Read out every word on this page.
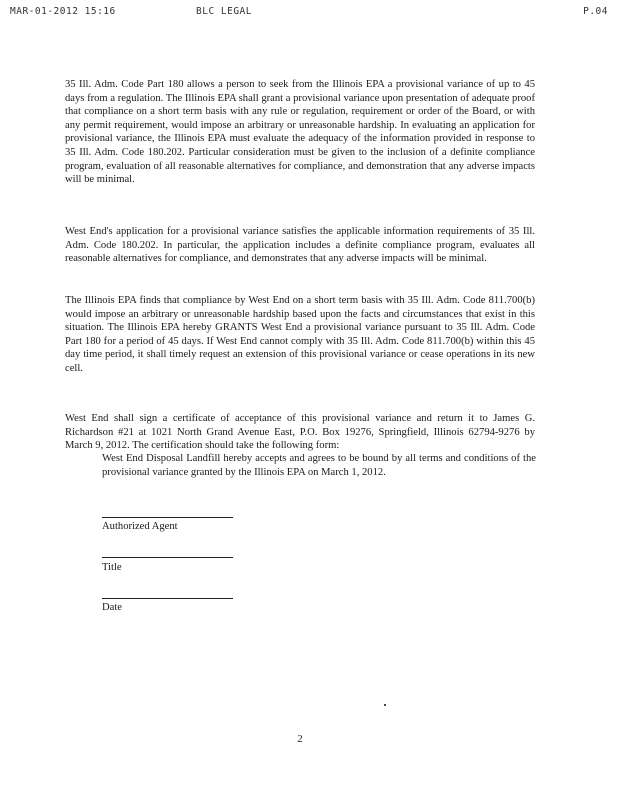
MAR-01-2012 15:16	BLC LEGAL	P.04

35 Ill. Adm. Code Part 180 allows a person to seek from the Illinois EPA a provisional variance of up to 45 days from a regulation. The Illinois EPA shall grant a provisional variance upon presentation of adequate proof that compliance on a short term basis with any rule or regulation, requirement or order of the Board, or with any permit requirement, would impose an arbitrary or unreasonable hardship. In evaluating an application for provisional variance, the Illinois EPA must evaluate the adequacy of the information provided in response to 35 Ill. Adm. Code 180.202. Particular consideration must be given to the inclusion of a definite compliance program, evaluation of all reasonable alternatives for compliance, and demonstration that any adverse impacts will be minimal.

West End's application for a provisional variance satisfies the applicable information requirements of 35 Ill. Adm. Code 180.202. In particular, the application includes a definite compliance program, evaluates all reasonable alternatives for compliance, and demonstrates that any adverse impacts will be minimal.

The Illinois EPA finds that compliance by West End on a short term basis with 35 Ill. Adm. Code 811.700(b) would impose an arbitrary or unreasonable hardship based upon the facts and circumstances that exist in this situation. The Illinois EPA hereby GRANTS West End a provisional variance pursuant to 35 Ill. Adm. Code Part 180 for a period of 45 days. If West End cannot comply with 35 Ill. Adm. Code 811.700(b) within this 45 day time period, it shall timely request an extension of this provisional variance or cease operations in its new cell.

West End shall sign a certificate of acceptance of this provisional variance and return it to James G. Richardson #21 at 1021 North Grand Avenue East, P.O. Box 19276, Springfield, Illinois 62794-9276 by March 9, 2012. The certification should take the following form:

West End Disposal Landfill hereby accepts and agrees to be bound by all terms and conditions of the provisional variance granted by the Illinois EPA on March 1, 2012.

Authorized Agent
Title
Date
2
